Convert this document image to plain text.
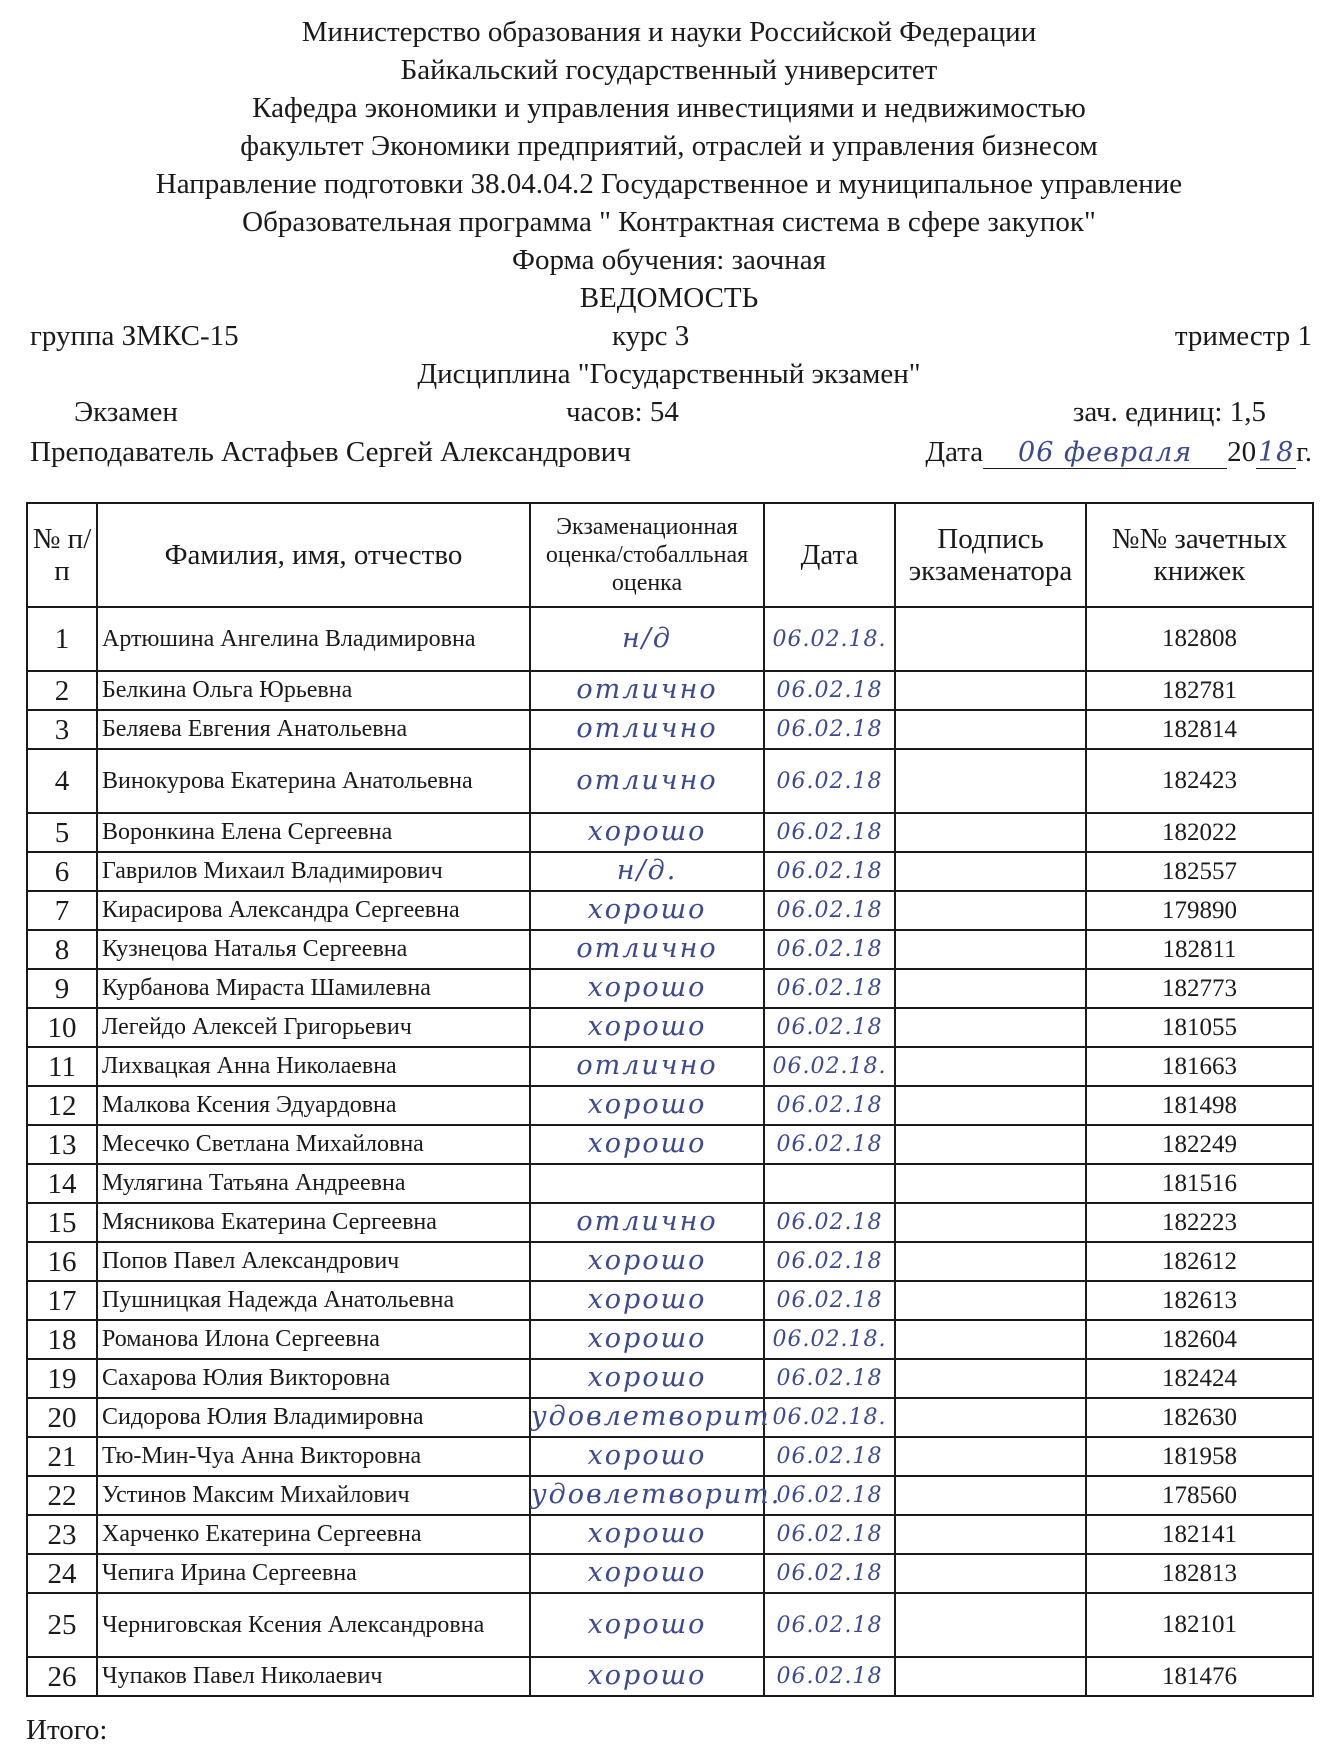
Министерство образования и науки Российской Федерации
Байкальский государственный университет
Кафедра экономики и управления инвестициями и недвижимостью
факультет Экономики предприятий, отраслей и управления бизнесом
Направление подготовки 38.04.04.2 Государственное и муниципальное управление
Образовательная программа " Контрактная система в сфере закупок"
Форма обучения: заочная
ВЕДОМОСТЬ
группа ЗМКС-15	курс 3	триместр 1
Дисциплина "Государственный экзамен"
Экзамен	часов: 54	зач. единиц: 1,5
Преподаватель Астафьев Сергей Александрович	Дата 06 февраля 2018г.
№ п/п	Фамилия, имя, отчество	Экзаменационная оценка/стобалльная оценка	Дата	Подпись экзаменатора	№№ зачетных книжек
1	Артюшина Ангелина Владимировна	н/д	06.02.18.		182808
2	Белкина Ольга Юрьевна	отлично	06.02.18		182781
3	Беляева Евгения Анатольевна	отлично	06.02.18		182814
4	Винокурова Екатерина Анатольевна	отлично	06.02.18		182423
5	Воронкина Елена Сергеевна	хорошо	06.02.18		182022
6	Гаврилов Михаил Владимирович	н/д.	06.02.18		182557
7	Кирасирова Александра Сергеевна	хорошо	06.02.18		179890
8	Кузнецова Наталья Сергеевна	отлично	06.02.18		182811
9	Курбанова Мираста Шамилевна	хорошо	06.02.18		182773
10	Легейдо Алексей Григорьевич	хорошо	06.02.18		181055
11	Лихвацкая Анна Николаевна	отлично	06.02.18.		181663
12	Малкова Ксения Эдуардовна	хорошо	06.02.18		181498
13	Месечко Светлана Михайловна	хорошо	06.02.18		182249
14	Мулягина Татьяна Андреевна				181516
15	Мясникова Екатерина Сергеевна	отлично	06.02.18		182223
16	Попов Павел Александрович	хорошо	06.02.18		182612
17	Пушницкая Надежда Анатольевна	хорошо	06.02.18		182613
18	Романова Илона Сергеевна	хорошо	06.02.18.		182604
19	Сахарова Юлия Викторовна	хорошо	06.02.18		182424
20	Сидорова Юлия Владимировна	удовлетворит	06.02.18.		182630
21	Тю-Мин-Чуа Анна Викторовна	хорошо	06.02.18		181958
22	Устинов Максим Михайлович	удовлетворит.	06.02.18		178560
23	Харченко Екатерина Сергеевна	хорошо	06.02.18		182141
24	Чепига Ирина Сергеевна	хорошо	06.02.18		182813
25	Черниговская Ксения Александровна	хорошо	06.02.18		182101
26	Чупаков Павел Николаевич	хорошо	06.02.18		181476
Итого:
